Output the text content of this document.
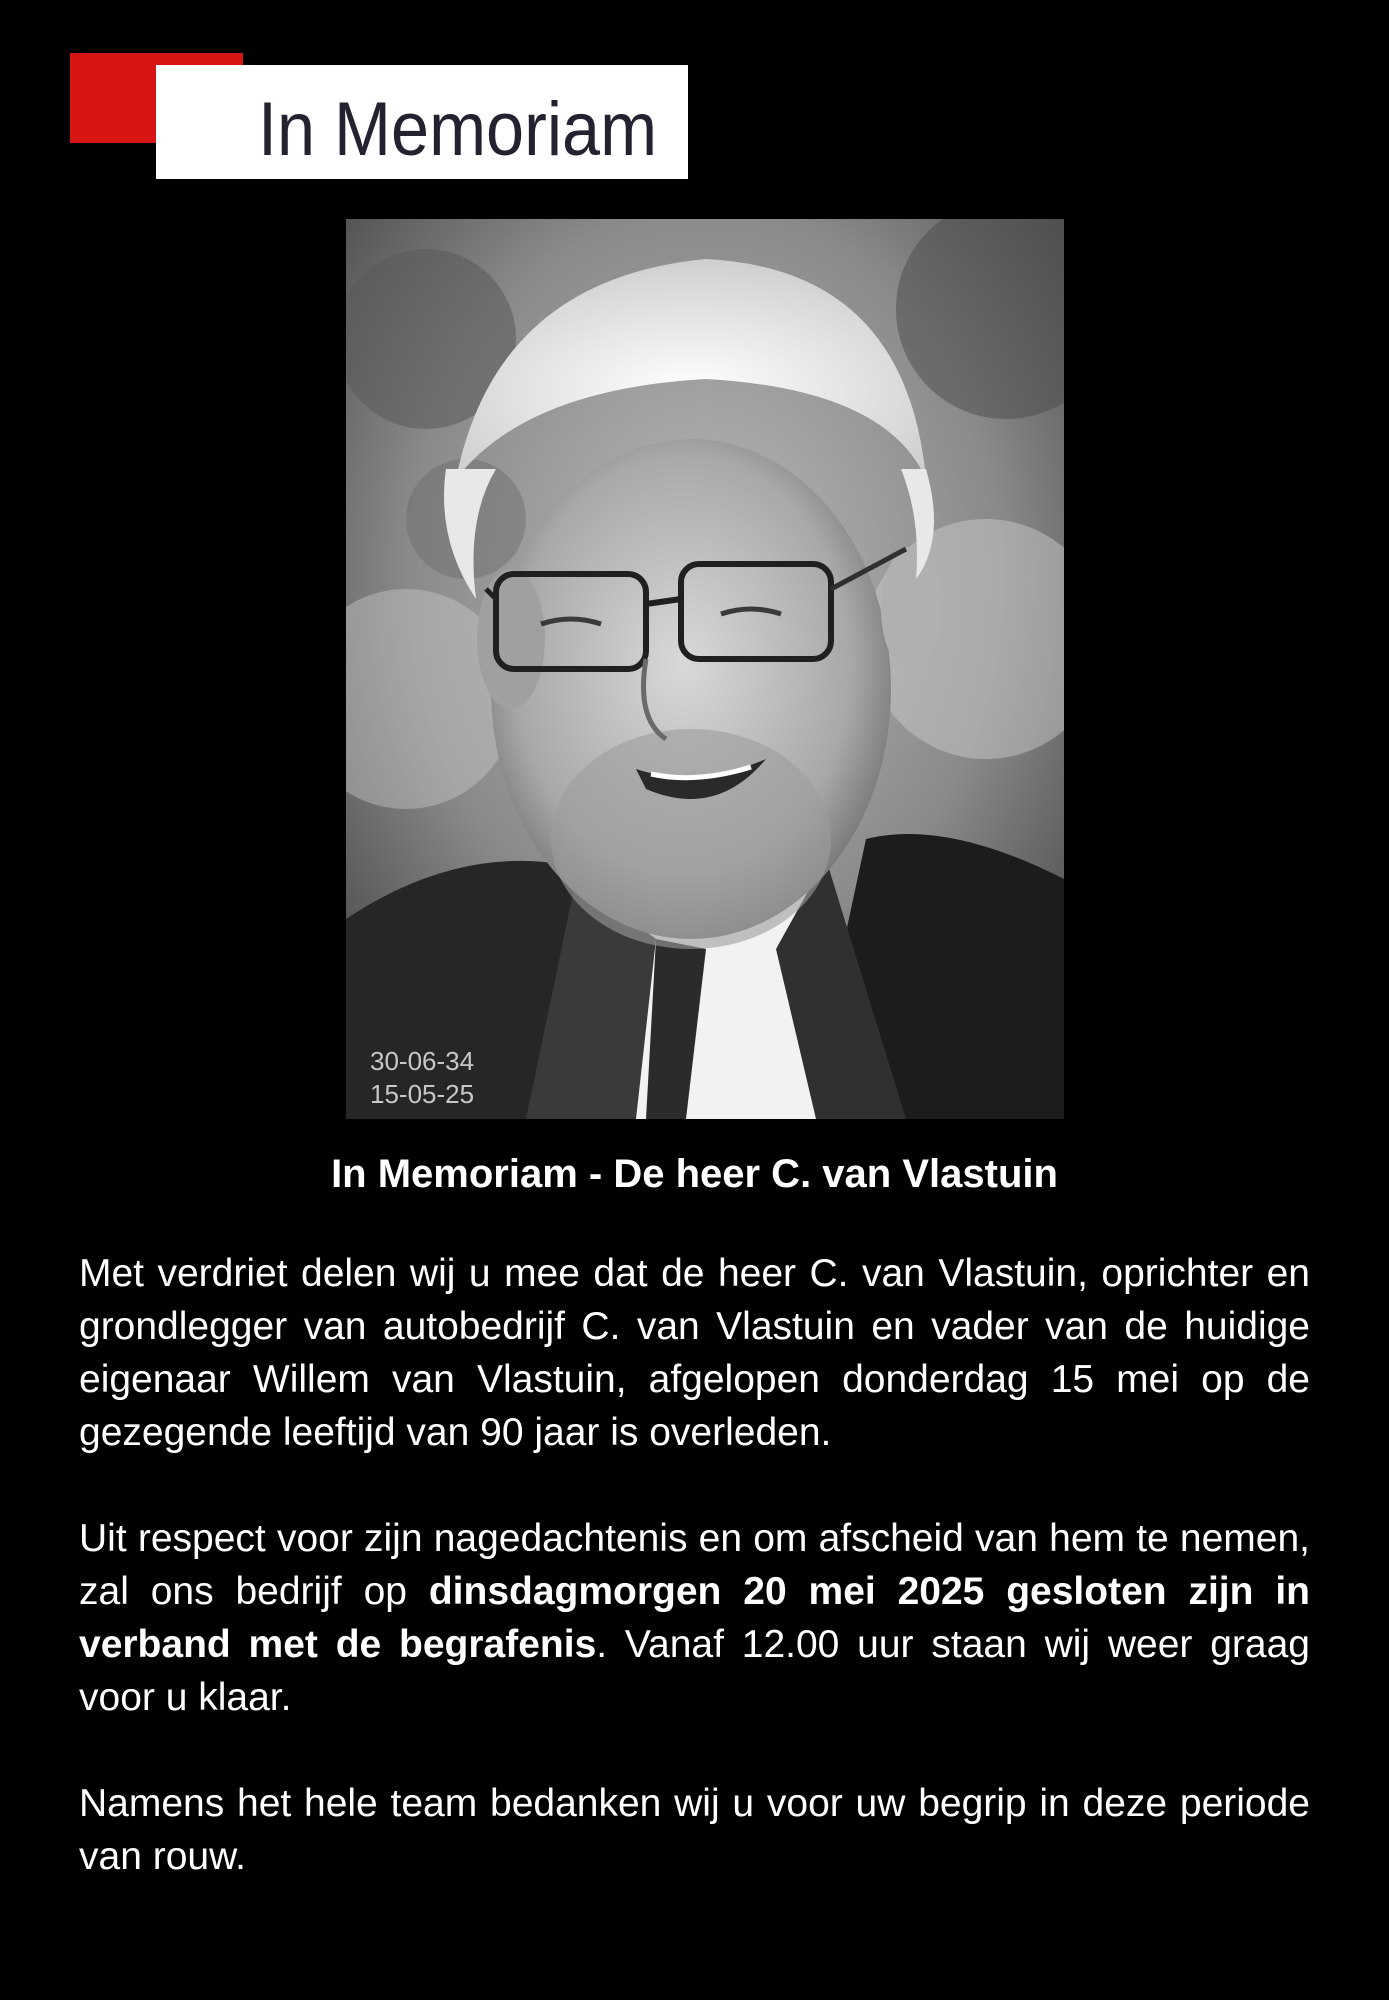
In Memoriam
30-06-34
15-05-25
In Memoriam - De heer C. van Vlastuin

Met verdriet delen wij u mee dat de heer C. van Vlastuin, oprichter en grondlegger van autobedrijf C. van Vlastuin en vader van de huidige eigenaar Willem van Vlastuin, afgelopen donderdag 15 mei op de gezegende leeftijd van 90 jaar is overleden.

Uit respect voor zijn nagedachtenis en om afscheid van hem te nemen, zal ons bedrijf op dinsdagmorgen 20 mei 2025 gesloten zijn in verband met de begrafenis. Vanaf 12.00 uur staan wij weer graag voor u klaar.

Namens het hele team bedanken wij u voor uw begrip in deze periode van rouw.
